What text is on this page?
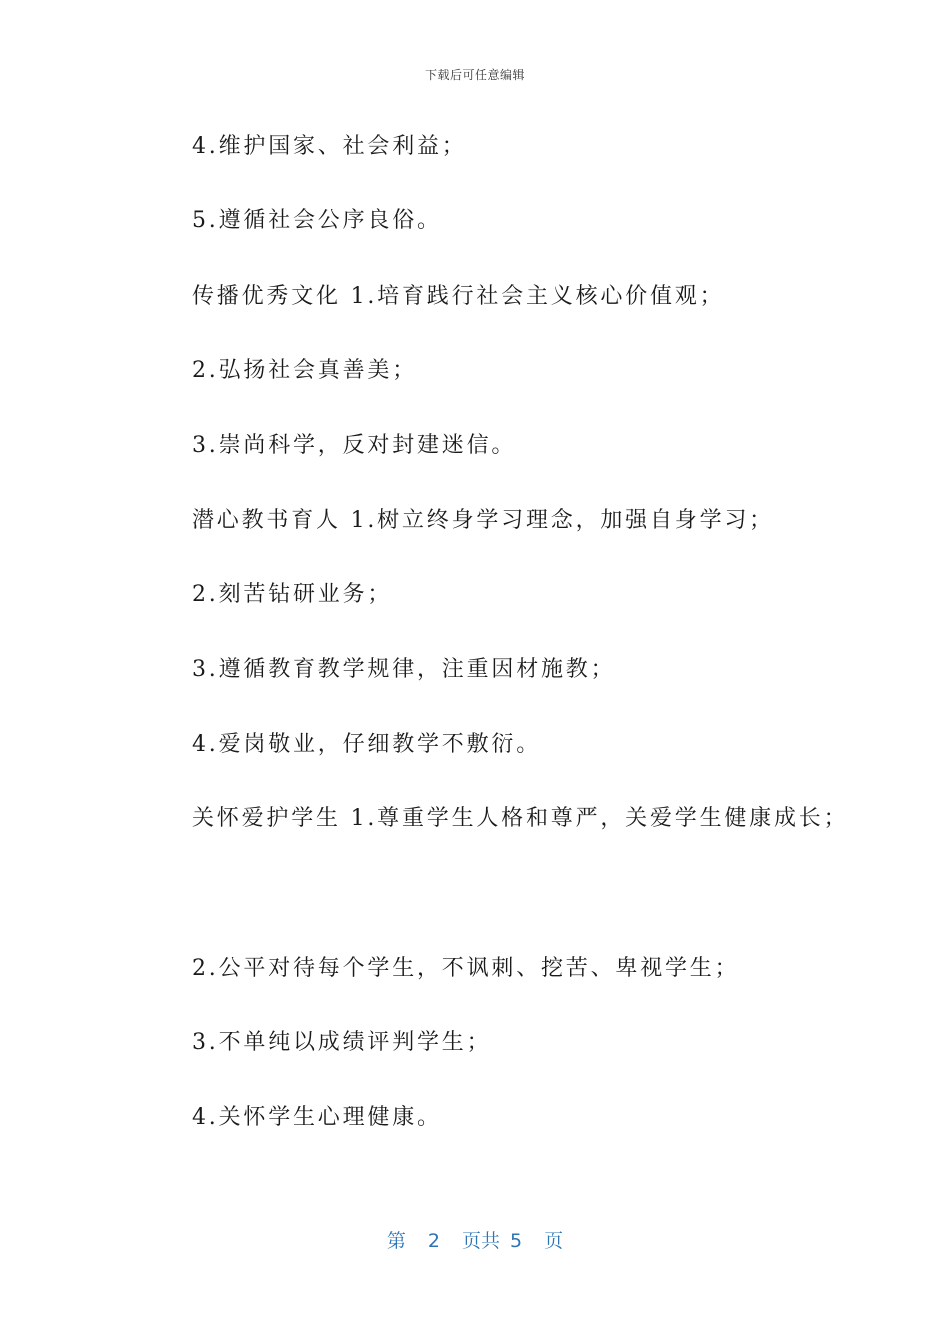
下载后可任意编辑
4.维护国家、社会利益；
5.遵循社会公序良俗。
传播优秀文化 1.培育践行社会主义核心价值观；
2.弘扬社会真善美；
3.崇尚科学，反对封建迷信。
潜心教书育人 1.树立终身学习理念，加强自身学习；
2.刻苦钻研业务；
3.遵循教育教学规律，注重因材施教；
4.爱岗敬业，仔细教学不敷衍。
关怀爱护学生 1.尊重学生人格和尊严，关爱学生健康成长；
2.公平对待每个学生，不讽刺、挖苦、卑视学生；
3.不单纯以成绩评判学生；
4.关怀学生心理健康。
第 2 页共 5 页
